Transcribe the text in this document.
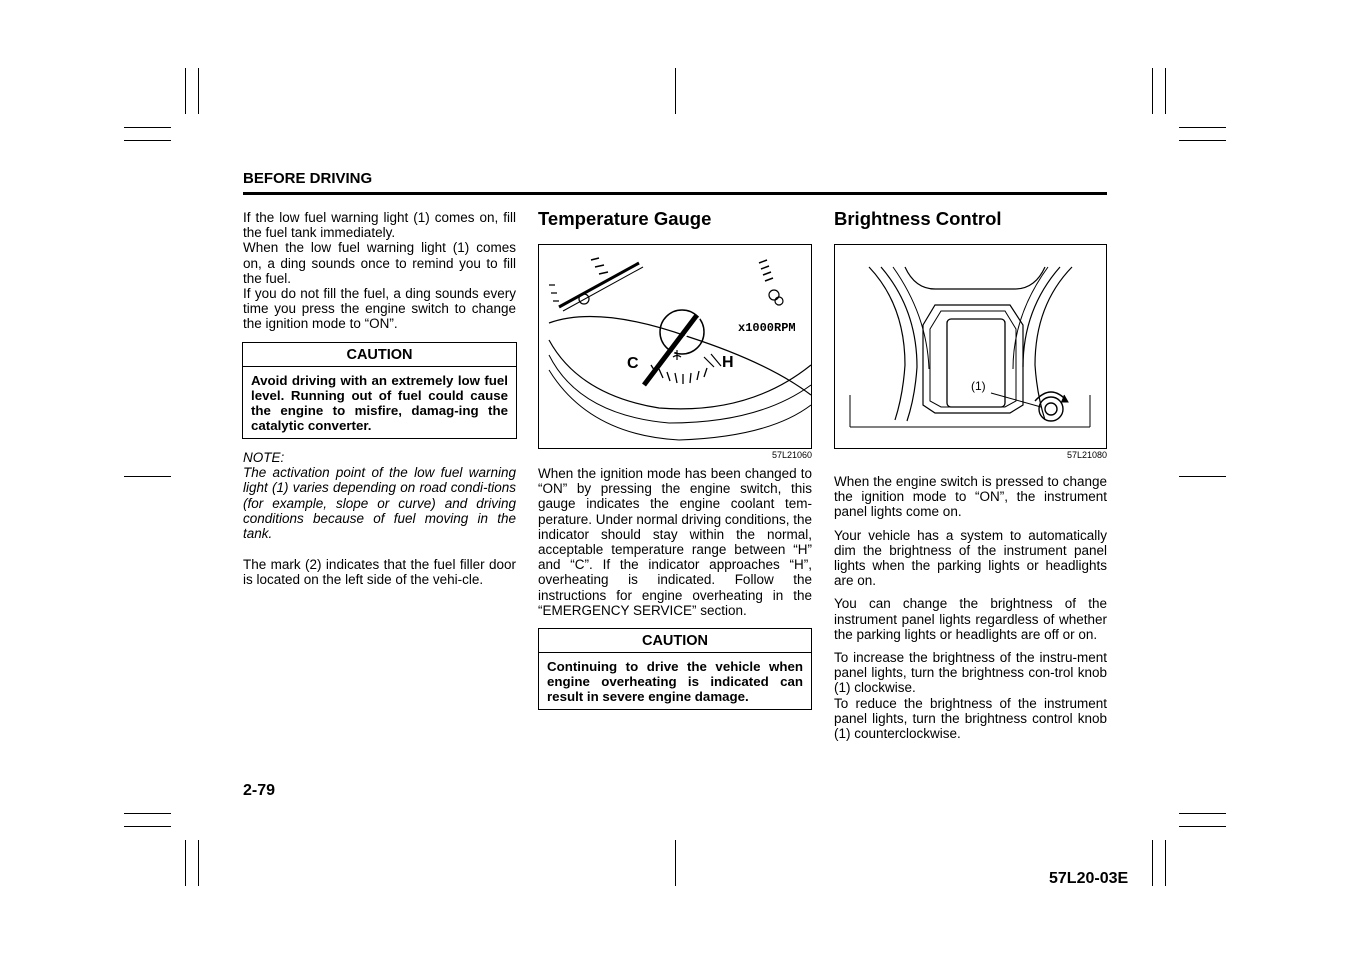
BEFORE DRIVING

If the low fuel warning light (1) comes on, fill the fuel tank immediately.

When the low fuel warning light (1) comes on, a ding sounds once to remind you to fill the fuel.

If you do not fill the fuel, a ding sounds every time you press the engine switch to change the ignition mode to “ON”.

CAUTION
Avoid driving with an extremely low fuel level. Running out of fuel could cause the engine to misfire, damag-ing the catalytic converter.
NOTE:
The activation point of the low fuel warning light (1) varies depending on road condi-tions (for example, slope or curve) and driving conditions because of fuel moving in the tank.

The mark (2) indicates that the fuel filler door is located on the left side of the vehi-cle.

Temperature Gauge
C	H
x1000RPM
57L21060

When the ignition mode has been changed to “ON” by pressing the engine switch, this gauge indicates the engine coolant tem-perature. Under normal driving conditions, the indicator should stay within the normal, acceptable temperature range between “H” and “C”. If the indicator approaches “H”, overheating is indicated. Follow the instructions for engine overheating in the “EMERGENCY SERVICE” section.

CAUTION
Continuing to drive the vehicle when engine overheating is indicated can result in severe engine damage.
Brightness Control
(1)
57L21080

When the engine switch is pressed to change the ignition mode to “ON”, the instrument panel lights come on.

Your vehicle has a system to automatically dim the brightness of the instrument panel lights when the parking lights or headlights are on.

You can change the brightness of the instrument panel lights regardless of whether the parking lights or headlights are off or on.

To increase the brightness of the instru-ment panel lights, turn the brightness con-trol knob (1) clockwise.

To reduce the brightness of the instrument panel lights, turn the brightness control knob (1) counterclockwise.

2-79
57L20-03E
